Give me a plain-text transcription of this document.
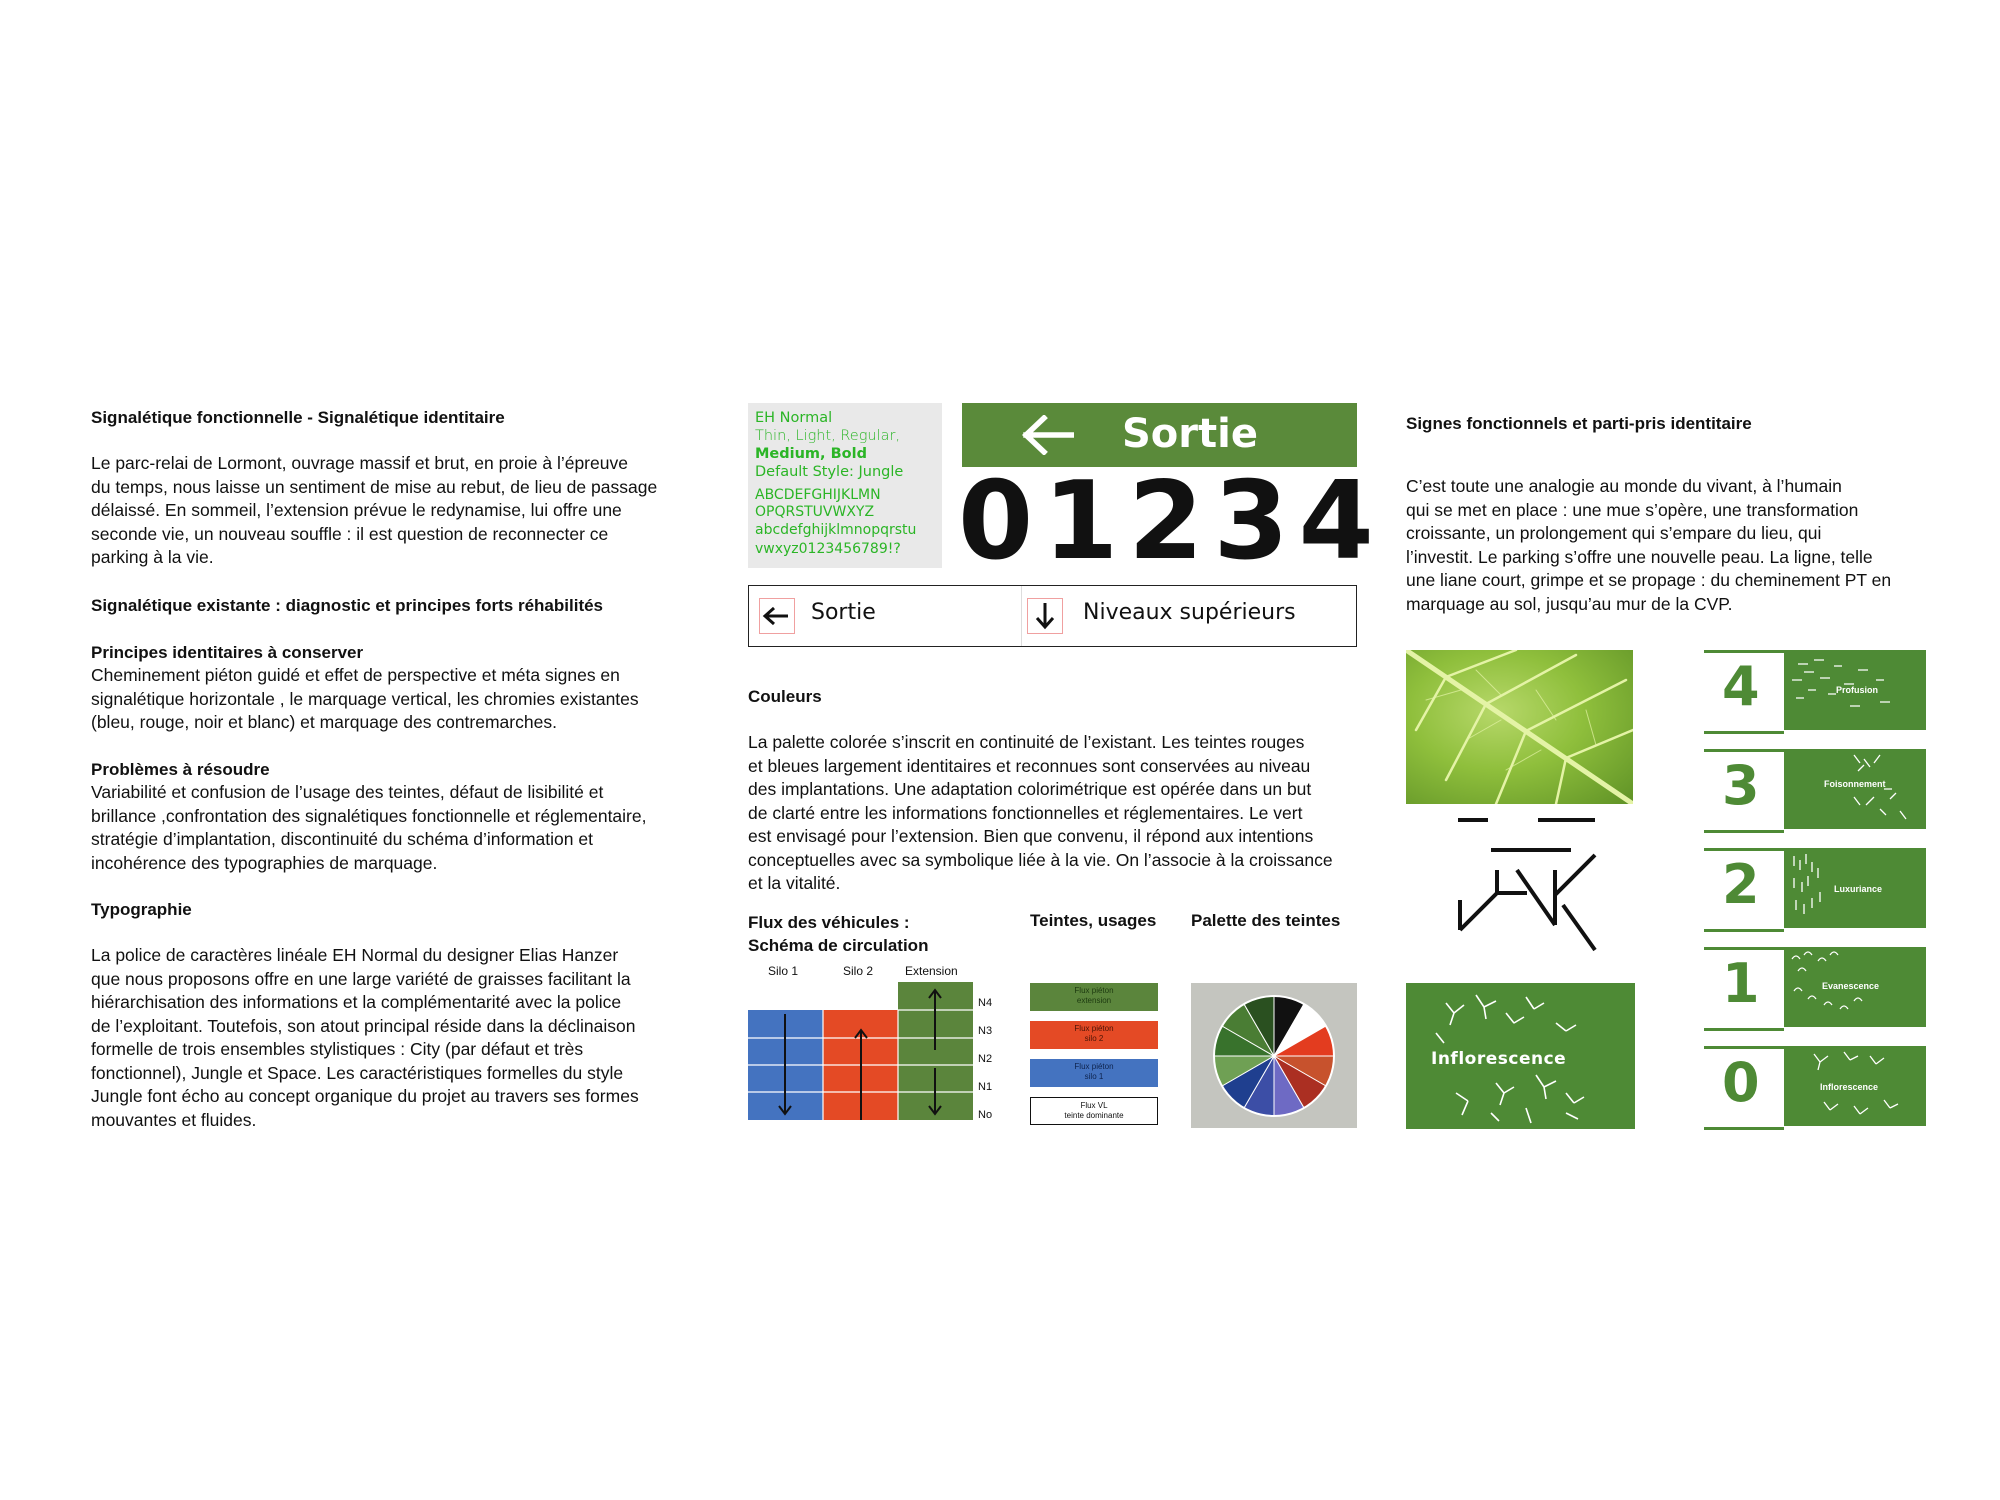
Signalétique fonctionnelle - Signalétique identitaire
Le parc-relai de Lormont, ouvrage massif et brut, en proie à l’épreuve
du temps, nous laisse un sentiment de mise au rebut, de lieu de passage
délaissé. En sommeil, l’extension prévue le redynamise, lui offre une
seconde vie, un nouveau souffle : il est question de reconnecter ce
parking à la vie.
Signalétique existante : diagnostic et principes forts réhabilités
Principes identitaires à conserver
Cheminement piéton guidé et effet de perspective et méta signes en
signalétique horizontale , le marquage vertical, les chromies existantes
(bleu, rouge, noir et blanc) et marquage des contremarches.
Problèmes à résoudre
Variabilité et confusion de l’usage des teintes, défaut de lisibilité et
brillance ,confrontation des signalétiques fonctionnelle et réglementaire,
stratégie d’implantation, discontinuité du schéma d’information et
incohérence des typographies de marquage.
Typographie
La police de caractères linéale EH Normal du designer Elias Hanzer
que nous proposons offre en une large variété de graisses facilitant la
hiérarchisation des informations et la complémentarité avec la police
de l’exploitant. Toutefois, son atout principal réside dans la déclinaison
formelle de trois ensembles stylistiques : City (par défaut et très
fonctionnel), Jungle et Space. Les caractéristiques formelles du style
Jungle font écho au concept organique du projet au travers ses formes
mouvantes et fluides.
EH Normal
Thin, Light, Regular,
Medium, Bold
Default Style: Jungle
ABCDEFGHIJKLMN
OPQRSTUVWXYZ
abcdefghijklmnopqrstu
vwxyz0123456789!?
Sortie
01234
Sortie	Niveaux supérieurs
Couleurs
La palette colorée s’inscrit en continuité de l’existant. Les teintes rouges
et bleues largement identitaires et reconnues sont conservées au niveau
des implantations. Une adaptation colorimétrique est opérée dans un but
de clarté entre les informations fonctionnelles et réglementaires. Le vert
est envisagé pour l’extension. Bien que convenu, il répond aux intentions
conceptuelles avec sa symbolique liée à la vie. On l’associe à la croissance
et la vitalité.
Flux des véhicules :
Schéma de circulation
Teintes, usages Palette des teintes
Silo 1	Silo 2	Extension
N4
N3
N2
N1
No
Flux piéton
extension
Flux piéton
silo 2
Flux piéton
silo 1
Flux VL
teinte dominante
Signes fonctionnels et parti-pris identitaire
C’est toute une analogie au monde du vivant, à l’humain
qui se met en place : une mue s’opère, une transformation
croissante, un prolongement qui s’empare du lieu, qui
l’investit. Le parking s’offre une nouvelle peau. La ligne, telle
une liane court, grimpe et se propage : du cheminement PT en
marquage au sol, jusqu’au mur de la CVP.
Inflorescence
4	Profusion
3	Foisonnement
2	Luxuriance
1	Evanescence
0	Inflorescence
